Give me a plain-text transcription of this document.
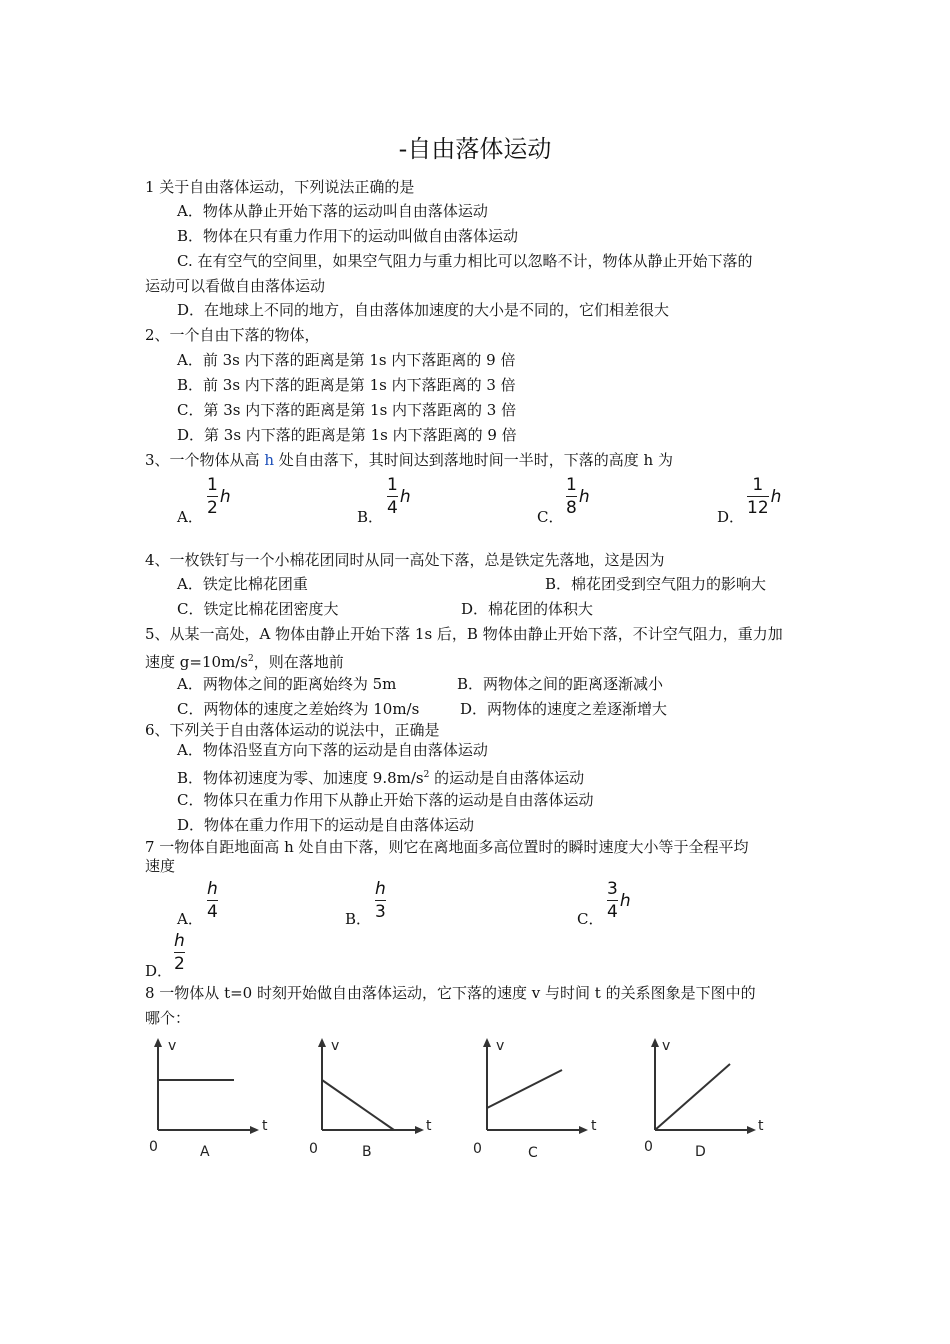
-自由落体运动
1 关于自由落体运动，下列说法正确的是
A．物体从静止开始下落的运动叫自由落体运动
B．物体在只有重力作用下的运动叫做自由落体运动
C. 在有空气的空间里，如果空气阻力与重力相比可以忽略不计，物体从静止开始下落的
运动可以看做自由落体运动
D．在地球上不同的地方，自由落体加速度的大小是不同的，它们相差很大
2、一个自由下落的物体，
A．前 3s 内下落的距离是第 1s 内下落距离的 9 倍
B．前 3s 内下落的距离是第 1s 内下落距离的 3 倍
C．第 3s 内下落的距离是第 1s 内下落距离的 3 倍
D．第 3s 内下落的距离是第 1s 内下落距离的 9 倍
3、一个物体从高 h 处自由落下，其时间达到落地时间一半时，下落的高度 h 为
A． $\frac{1}{2}$ h
B． $\frac{1}{4}$ h
C． $\frac{1}{8}$ h
D． $\frac{1}{12}$ h
4、一枚铁钉与一个小棉花团同时从同一高处下落，总是铁定先落地，这是因为
A．铁定比棉花团重	B．棉花团受到空气阻力的影响大
C．铁定比棉花团密度大	D．棉花团的体积大
5、从某一高处，A 物体由静止开始下落 1s 后，B 物体由静止开始下落，不计空气阻力，重力加
速度 $g=10m/s^2$，则在落地前
A．两物体之间的距离始终为 5m	B．两物体之间的距离逐渐减小
C．两物体的速度之差始终为 10m/s	D．两物体的速度之差逐渐增大
6、下列关于自由落体运动的说法中，正确是
A．物体沿竖直方向下落的运动是自由落体运动
B．物体初速度为零、加速度 $9.8m/s^2$ 的运动是自由落体运动
C．物体只在重力作用下从静止开始下落的运动是自由落体运动
D．物体在重力作用下的运动是自由落体运动
7 一物体自距地面高 h 处自由下落，则它在离地面多高位置时的瞬时速度大小等于全程平均
速度
A． $\frac{h}{4}$	B． $\frac{h}{3}$	C． $\frac{3}{4}$ h
$\frac{h}{2}$
D．
8 一物体从 t=0 时刻开始做自由落体运动，它下落的速度 v 与时间 t 的关系图象是下图中的
哪个：
v
t
0	A
v
t
0	B
v
t
0	C
v
t
0	D
